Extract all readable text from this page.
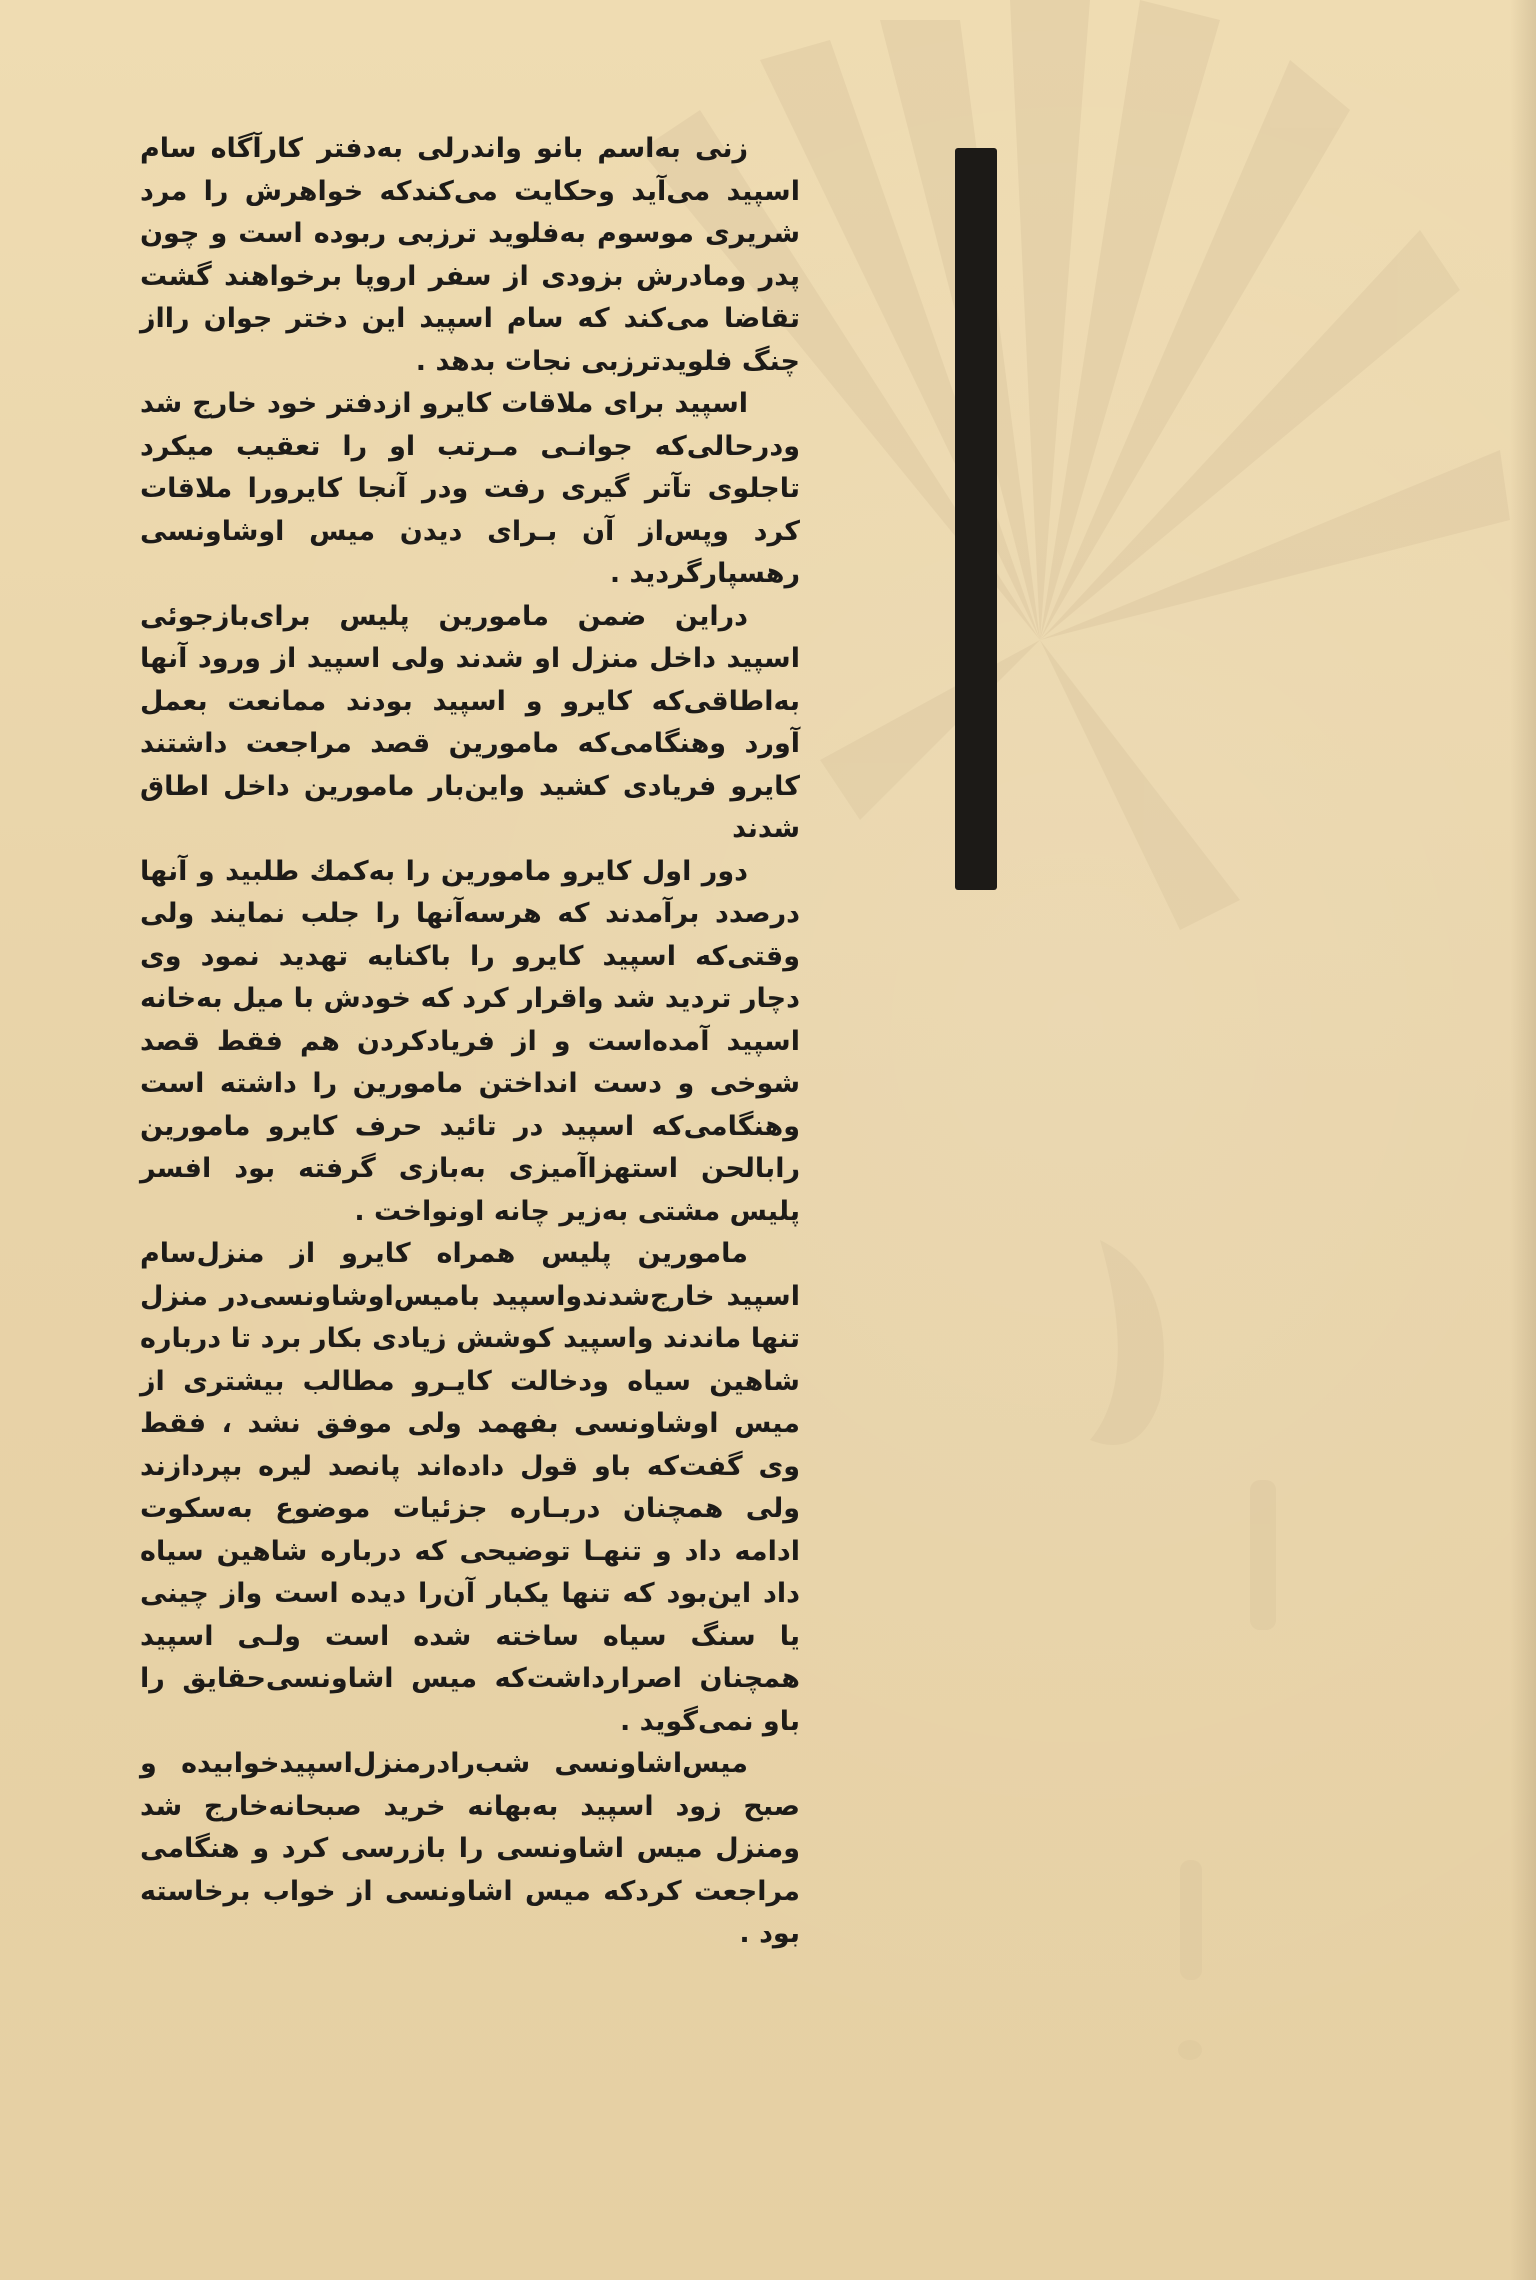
زنی به‌اسم بانو واندرلی به‌دفتر کارآگاه سام اسپید می‌آید وحکایت می‌کندکه خواهرش را مرد شریری موسوم به‌فلوید ترزبی ربوده است و چون پدر ومادرش بزودی از سفر اروپا برخواهند گشت تقاضا می‌کند که سام اسپید این دختر جوان رااز چنگ فلویدترزبی نجات بدهد .

اسپید برای ملاقات کایرو ازدفتر خود خارج شد ودرحالی‌که جوانـی مـرتب او را تعقیب میکرد تاجلوی تآتر گیری رفت ودر آنجا کایرورا ملاقات کرد وپس‌از آن بـرای دیدن میس اوشاونسی رهسپارگردید .

دراین ضمن مامورین پلیس برای‌بازجوئی اسپید داخل منزل او شدند ولی اسپید از ورود آنها به‌اطاقی‌که کایرو و اسپید بودند ممانعت بعمل آورد وهنگامی‌که مامورین قصد مراجعت داشتند کایرو فریادی کشید واین‌بار مامورین داخل اطاق شدند

دور اول کایرو مامورین را به‌کمك طلبید و آنها درصدد برآمدند که هرسه‌آنها را جلب نمایند ولی وقتی‌که اسپید کایرو را باکنایه تهدید نمود وی دچار تردید شد واقرار کرد که خودش با میل به‌خانه اسپید آمده‌است و از فریادکردن هم فقط قصد شوخی و دست انداختن مامورین را داشته است وهنگامی‌که اسپید در تائید حرف کایرو مامورین رابالحن استهزاآمیزی به‌بازی گرفته بود افسر پلیس مشتی به‌زیر چانه اونواخت .

مامورین پلیس همراه کایرو از منزل‌سام اسپید خارج‌شدندواسپید بامیس‌اوشاونسی‌در منزل تنها ماندند واسپید کوشش زیادی بکار برد تا درباره شاهین سیاه ودخالت کایـرو مطالب بیشتری از میس اوشاونسی بفهمد ولی موفق نشد ، فقط وی گفت‌که باو قول داده‌اند پانصد لیره بپردازند ولی همچنان دربـاره جزئیات موضوع به‌سکوت ادامه داد و تنهـا توضیحی که درباره شاهین سیاه داد این‌بود که تنها یکبار آن‌را دیده است واز چینی یا سنگ سیاه ساخته شده است ولـی اسپید همچنان اصرارداشت‌که میس اشاونسی‌حقایق را باو نمی‌گوید .

میس‌اشاونسی شب‌رادرمنزل‌اسپیدخوابیده و صبح زود اسپید به‌بهانه خرید صبحانه‌خارج شد ومنزل میس اشاونسی را بازرسی کرد و هنگامی مراجعت کردکه میس اشاونسی از خواب برخاسته بود .
